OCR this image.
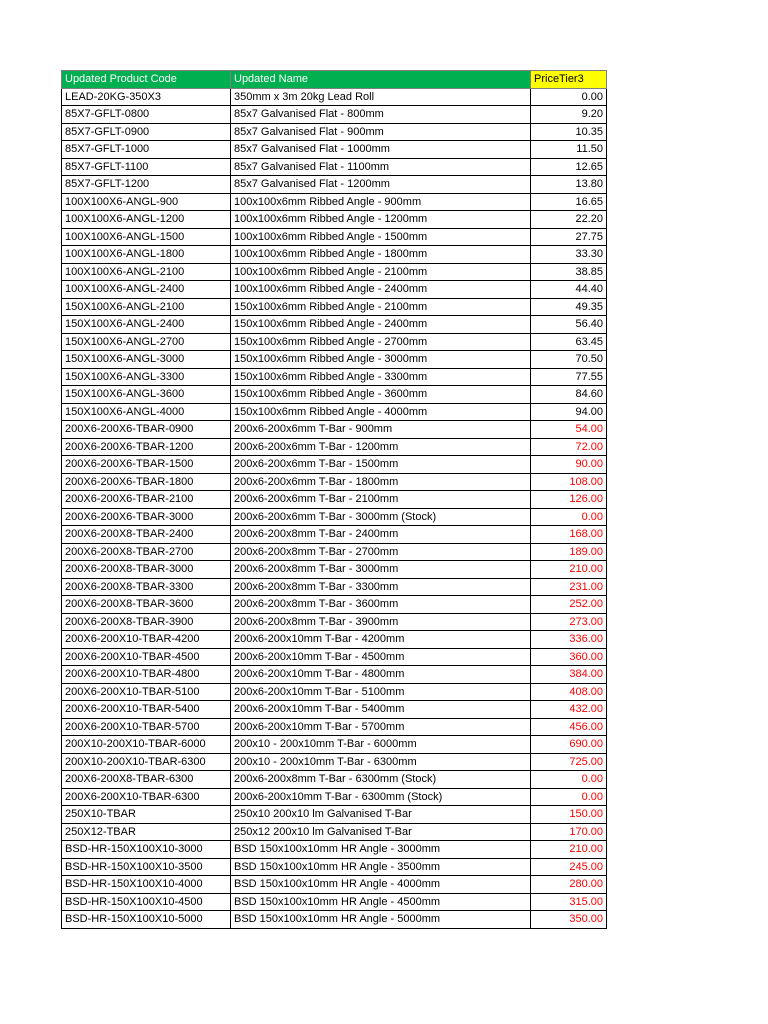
Updated Product Code	Updated Name	PriceTier3
LEAD-20KG-350X3	350mm x 3m 20kg Lead Roll	0.00
85X7-GFLT-0800	85x7 Galvanised Flat - 800mm	9.20
85X7-GFLT-0900	85x7 Galvanised Flat - 900mm	10.35
85X7-GFLT-1000	85x7 Galvanised Flat - 1000mm	11.50
85X7-GFLT-1100	85x7 Galvanised Flat - 1100mm	12.65
85X7-GFLT-1200	85x7 Galvanised Flat - 1200mm	13.80
100X100X6-ANGL-900	100x100x6mm Ribbed Angle - 900mm	16.65
100X100X6-ANGL-1200	100x100x6mm Ribbed Angle - 1200mm	22.20
100X100X6-ANGL-1500	100x100x6mm Ribbed Angle - 1500mm	27.75
100X100X6-ANGL-1800	100x100x6mm Ribbed Angle - 1800mm	33.30
100X100X6-ANGL-2100	100x100x6mm Ribbed Angle - 2100mm	38.85
100X100X6-ANGL-2400	100x100x6mm Ribbed Angle - 2400mm	44.40
150X100X6-ANGL-2100	150x100x6mm Ribbed Angle - 2100mm	49.35
150X100X6-ANGL-2400	150x100x6mm Ribbed Angle - 2400mm	56.40
150X100X6-ANGL-2700	150x100x6mm Ribbed Angle - 2700mm	63.45
150X100X6-ANGL-3000	150x100x6mm Ribbed Angle - 3000mm	70.50
150X100X6-ANGL-3300	150x100x6mm Ribbed Angle - 3300mm	77.55
150X100X6-ANGL-3600	150x100x6mm Ribbed Angle - 3600mm	84.60
150X100X6-ANGL-4000	150x100x6mm Ribbed Angle - 4000mm	94.00
200X6-200X6-TBAR-0900	200x6-200x6mm T-Bar - 900mm	54.00
200X6-200X6-TBAR-1200	200x6-200x6mm T-Bar - 1200mm	72.00
200X6-200X6-TBAR-1500	200x6-200x6mm T-Bar - 1500mm	90.00
200X6-200X6-TBAR-1800	200x6-200x6mm T-Bar - 1800mm	108.00
200X6-200X6-TBAR-2100	200x6-200x6mm T-Bar - 2100mm	126.00
200X6-200X6-TBAR-3000	200x6-200x6mm T-Bar - 3000mm (Stock)	0.00
200X6-200X8-TBAR-2400	200x6-200x8mm T-Bar - 2400mm	168.00
200X6-200X8-TBAR-2700	200x6-200x8mm T-Bar - 2700mm	189.00
200X6-200X8-TBAR-3000	200x6-200x8mm T-Bar - 3000mm	210.00
200X6-200X8-TBAR-3300	200x6-200x8mm T-Bar - 3300mm	231.00
200X6-200X8-TBAR-3600	200x6-200x8mm T-Bar - 3600mm	252.00
200X6-200X8-TBAR-3900	200x6-200x8mm T-Bar - 3900mm	273.00
200X6-200X10-TBAR-4200	200x6-200x10mm T-Bar - 4200mm	336.00
200X6-200X10-TBAR-4500	200x6-200x10mm T-Bar - 4500mm	360.00
200X6-200X10-TBAR-4800	200x6-200x10mm T-Bar - 4800mm	384.00
200X6-200X10-TBAR-5100	200x6-200x10mm T-Bar - 5100mm	408.00
200X6-200X10-TBAR-5400	200x6-200x10mm T-Bar - 5400mm	432.00
200X6-200X10-TBAR-5700	200x6-200x10mm T-Bar - 5700mm	456.00
200X10-200X10-TBAR-6000	200x10 - 200x10mm T-Bar - 6000mm	690.00
200X10-200X10-TBAR-6300	200x10 - 200x10mm T-Bar - 6300mm	725.00
200X6-200X8-TBAR-6300	200x6-200x8mm T-Bar - 6300mm (Stock)	0.00
200X6-200X10-TBAR-6300	200x6-200x10mm T-Bar - 6300mm (Stock)	0.00
250X10-TBAR	250x10 200x10 lm Galvanised T-Bar	150.00
250X12-TBAR	250x12 200x10 lm Galvanised T-Bar	170.00
BSD-HR-150X100X10-3000	BSD 150x100x10mm HR Angle - 3000mm	210.00
BSD-HR-150X100X10-3500	BSD 150x100x10mm HR Angle - 3500mm	245.00
BSD-HR-150X100X10-4000	BSD 150x100x10mm HR Angle - 4000mm	280.00
BSD-HR-150X100X10-4500	BSD 150x100x10mm HR Angle - 4500mm	315.00
BSD-HR-150X100X10-5000	BSD 150x100x10mm HR Angle - 5000mm	350.00
